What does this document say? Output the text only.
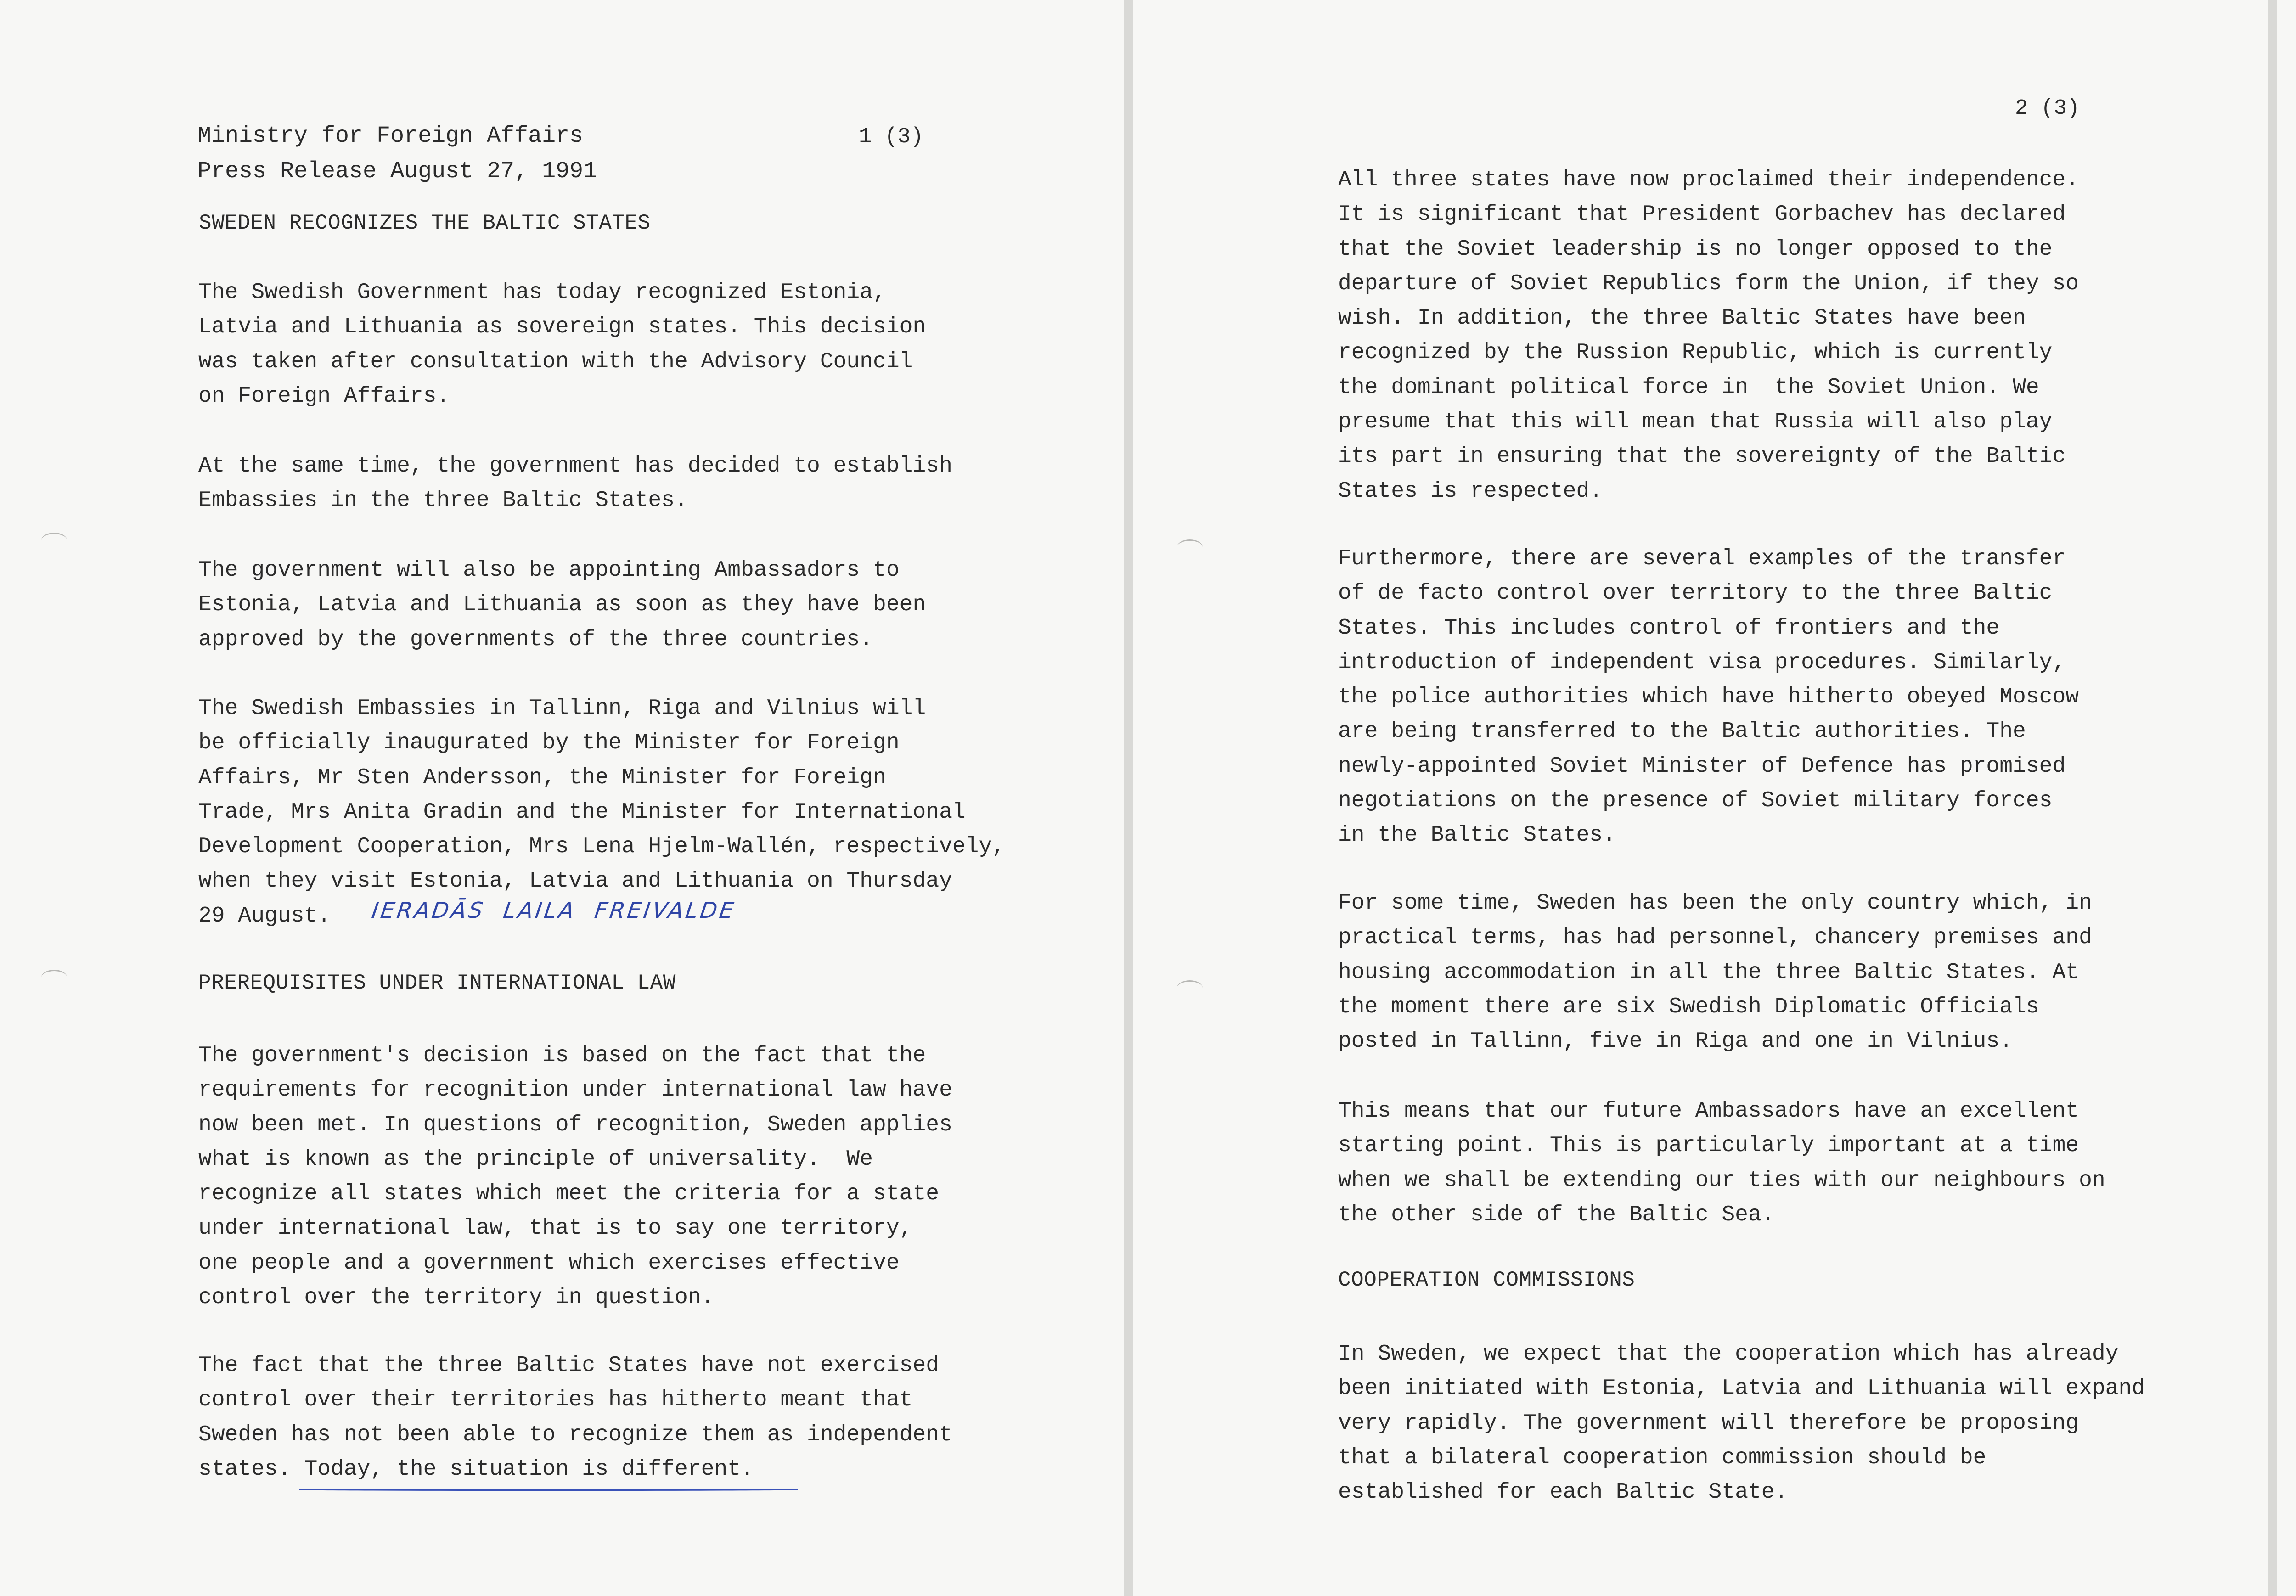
Ministry for Foreign Affairs	1 (3)
Press Release August 27, 1991
SWEDEN RECOGNIZES THE BALTIC STATES
The Swedish Government has today recognized Estonia,
Latvia and Lithuania as sovereign states. This decision
was taken after consultation with the Advisory Council
on Foreign Affairs.
At the same time, the government has decided to establish
Embassies in the three Baltic States.
The government will also be appointing Ambassadors to
Estonia, Latvia and Lithuania as soon as they have been
approved by the governments of the three countries.
The Swedish Embassies in Tallinn, Riga and Vilnius will
be officially inaugurated by the Minister for Foreign
Affairs, Mr Sten Andersson, the Minister for Foreign
Trade, Mrs Anita Gradin and the Minister for International
Development Cooperation, Mrs Lena Hjelm-Wallén, respectively,
when they visit Estonia, Latvia and Lithuania on Thursday
29 August.	IERADĀS  LAILA  FREIVALDE
PREREQUISITES UNDER INTERNATIONAL LAW
The government's decision is based on the fact that the
requirements for recognition under international law have
now been met. In questions of recognition, Sweden applies
what is known as the principle of universality.  We
recognize all states which meet the criteria for a state
under international law, that is to say one territory,
one people and a government which exercises effective
control over the territory in question.
The fact that the three Baltic States have not exercised
control over their territories has hitherto meant that
Sweden has not been able to recognize them as independent
states. Today, the situation is different.
2 (3)
All three states have now proclaimed their independence.
It is significant that President Gorbachev has declared
that the Soviet leadership is no longer opposed to the
departure of Soviet Republics form the Union, if they so
wish. In addition, the three Baltic States have been
recognized by the Russion Republic, which is currently
the dominant political force in  the Soviet Union. We
presume that this will mean that Russia will also play
its part in ensuring that the sovereignty of the Baltic
States is respected.
Furthermore, there are several examples of the transfer
of de facto control over territory to the three Baltic
States. This includes control of frontiers and the
introduction of independent visa procedures. Similarly,
the police authorities which have hitherto obeyed Moscow
are being transferred to the Baltic authorities. The
newly-appointed Soviet Minister of Defence has promised
negotiations on the presence of Soviet military forces
in the Baltic States.
For some time, Sweden has been the only country which, in
practical terms, has had personnel, chancery premises and
housing accommodation in all the three Baltic States. At
the moment there are six Swedish Diplomatic Officials
posted in Tallinn, five in Riga and one in Vilnius.
This means that our future Ambassadors have an excellent
starting point. This is particularly important at a time
when we shall be extending our ties with our neighbours on
the other side of the Baltic Sea.
COOPERATION COMMISSIONS
In Sweden, we expect that the cooperation which has already
been initiated with Estonia, Latvia and Lithuania will expand
very rapidly. The government will therefore be proposing
that a bilateral cooperation commission should be
established for each Baltic State.
